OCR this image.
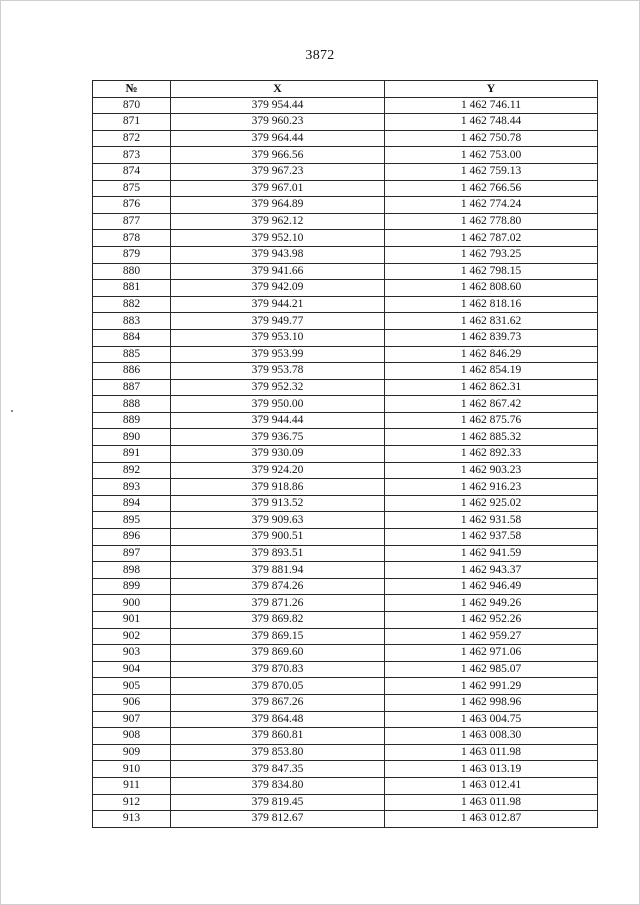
3872
№	X	Y
870	379 954.44	1 462 746.11
871	379 960.23	1 462 748.44
872	379 964.44	1 462 750.78
873	379 966.56	1 462 753.00
874	379 967.23	1 462 759.13
875	379 967.01	1 462 766.56
876	379 964.89	1 462 774.24
877	379 962.12	1 462 778.80
878	379 952.10	1 462 787.02
879	379 943.98	1 462 793.25
880	379 941.66	1 462 798.15
881	379 942.09	1 462 808.60
882	379 944.21	1 462 818.16
883	379 949.77	1 462 831.62
884	379 953.10	1 462 839.73
885	379 953.99	1 462 846.29
886	379 953.78	1 462 854.19
887	379 952.32	1 462 862.31
888	379 950.00	1 462 867.42
889	379 944.44	1 462 875.76
890	379 936.75	1 462 885.32
891	379 930.09	1 462 892.33
892	379 924.20	1 462 903.23
893	379 918.86	1 462 916.23
894	379 913.52	1 462 925.02
895	379 909.63	1 462 931.58
896	379 900.51	1 462 937.58
897	379 893.51	1 462 941.59
898	379 881.94	1 462 943.37
899	379 874.26	1 462 946.49
900	379 871.26	1 462 949.26
901	379 869.82	1 462 952.26
902	379 869.15	1 462 959.27
903	379 869.60	1 462 971.06
904	379 870.83	1 462 985.07
905	379 870.05	1 462 991.29
906	379 867.26	1 462 998.96
907	379 864.48	1 463 004.75
908	379 860.81	1 463 008.30
909	379 853.80	1 463 011.98
910	379 847.35	1 463 013.19
911	379 834.80	1 463 012.41
912	379 819.45	1 463 011.98
913	379 812.67	1 463 012.87
